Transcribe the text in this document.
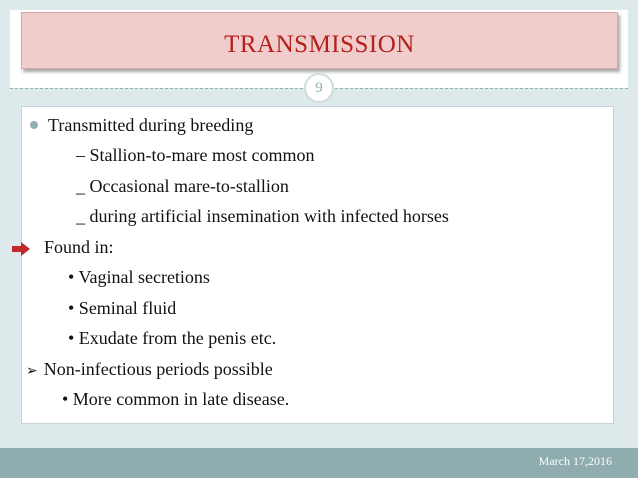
TRANSMISSION
9
Transmitted during breeding
– Stallion-to-mare most common
_ Occasional mare-to-stallion
_ during artificial insemination with infected horses
Found in:
• Vaginal secretions
• Seminal fluid
• Exudate from the penis etc.
➢ Non-infectious periods possible
• More common in late disease.
March 17,2016
